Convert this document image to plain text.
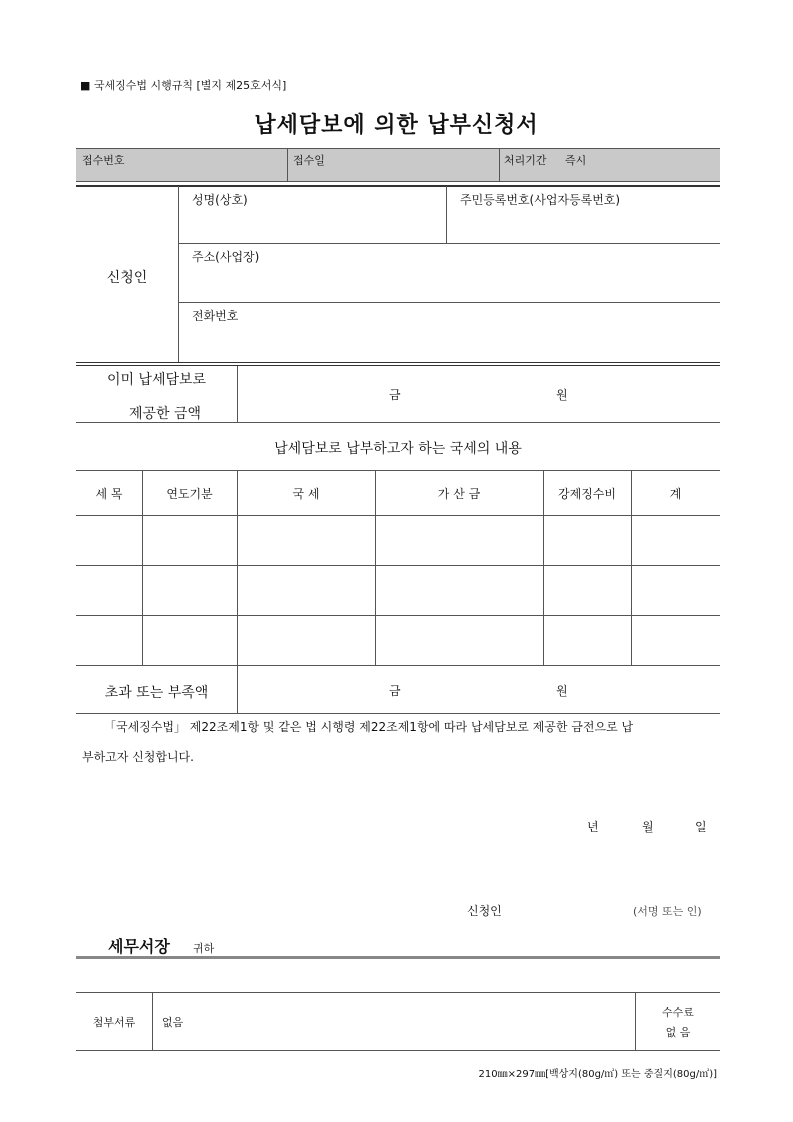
■ 국세징수법 시행규칙 [별지 제25호서식]
납세담보에 의한 납부신청서
접수번호	접수일	처리기간 즉시
신청인
성명(상호)	주민등록번호(사업자등록번호)
주소(사업장)
전화번호
이미 납세담보로
제공한 금액
금	원
납세담보로 납부하고자 하는 국세의 내용
세 목	연도기분	국 세	가 산 금	강제징수비	계
초과 또는 부족액	금	원
「국세징수법」 제22조제1항 및 같은 법 시행령 제22조제1항에 따라 납세담보로 제공한 금전으로 납
부하고자 신청합니다.
년	월	일
신청인	(서명 또는 인)
세무서장 귀하
첨부서류	없음
수수료
없 음
210㎜×297㎜[백상지(80g/㎡) 또는 중질지(80g/㎡)]
